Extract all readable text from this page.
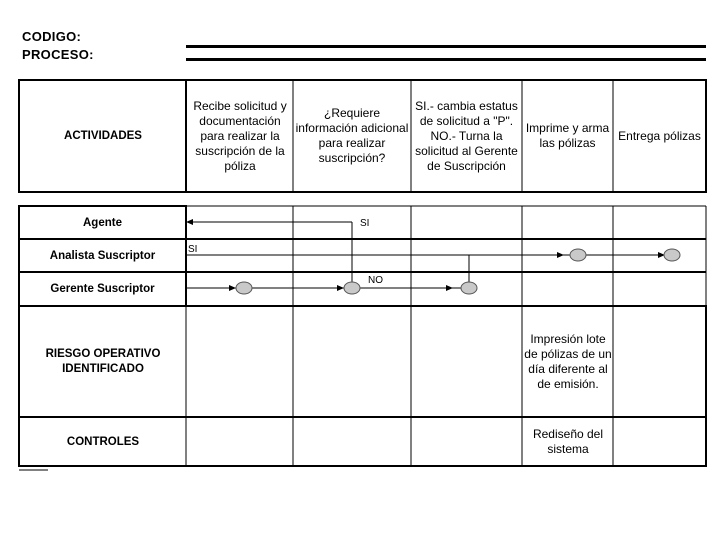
CODIGO:
PROCESO:
SI
SI
NO
ACTIVIDADES
Recibe solicitud y documentación para realizar la suscripción de la póliza
¿Requiere información adicional para realizar suscripción?
SI.- cambia estatus de solicitud a "P". NO.- Turna la solicitud al Gerente de Suscripción
Imprime y arma las pólizas
Entrega pólizas
Agente
Analista Suscriptor
Gerente Suscriptor
RIESGO OPERATIVO IDENTIFICADO
Impresión lote de pólizas de un día diferente al de emisión.
CONTROLES
Rediseño del sistema
